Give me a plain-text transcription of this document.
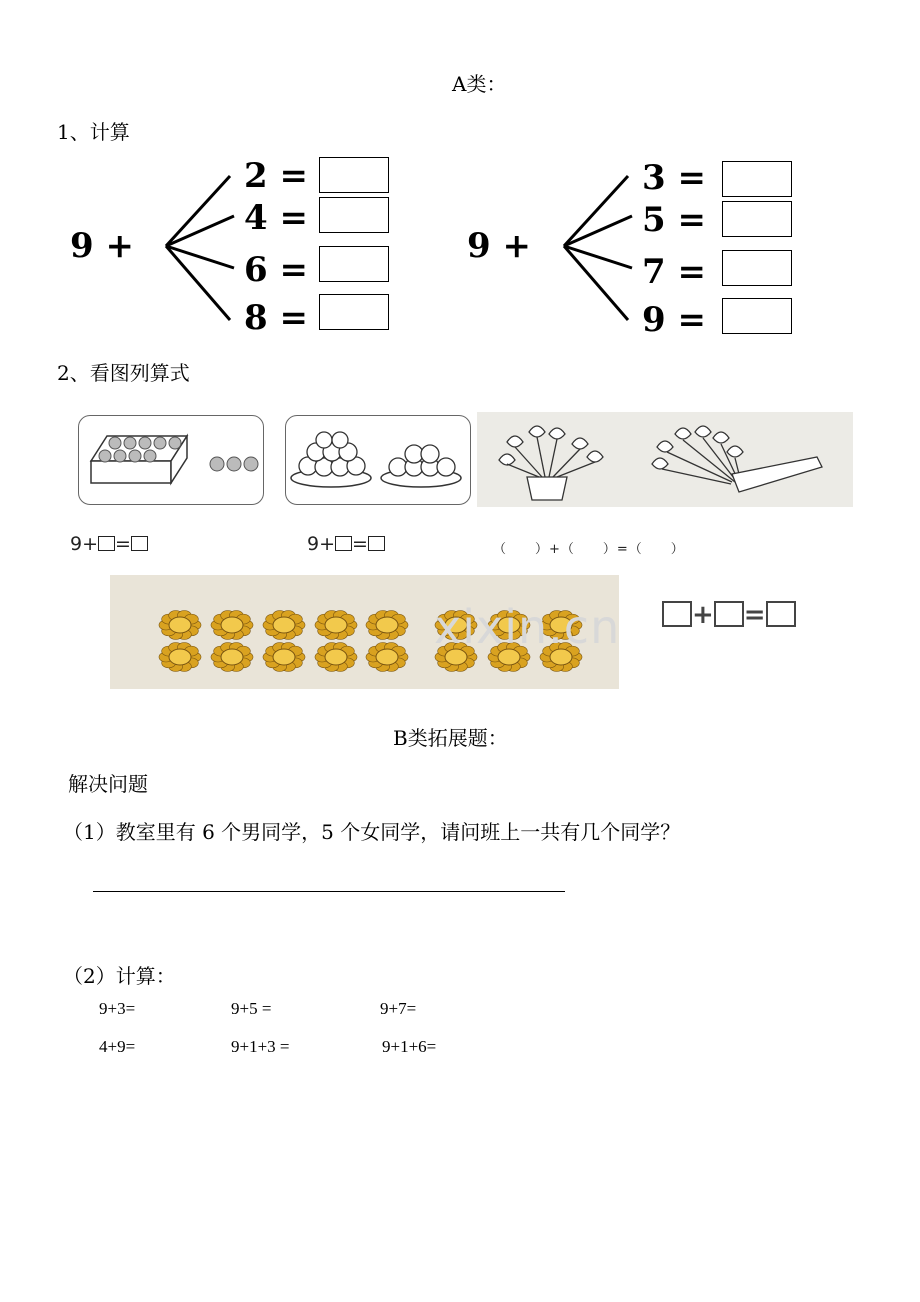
A类：
1、计算
9 +
2 =
4 =
6 =
8 =
9 +
3 =
5 =
7 =
9 =
2、看图列算式
9+ =	9+ =	（　　）+（　　）=（　　）
xixin.cn	+ =
B类拓展题：
解决问题
（1）教室里有 6 个男同学，5 个女同学，请问班上一共有几个同学？
（2）计算：
9+3=	9+5 =	9+7=
4+9=	9+1+3 =	9+1+6=
